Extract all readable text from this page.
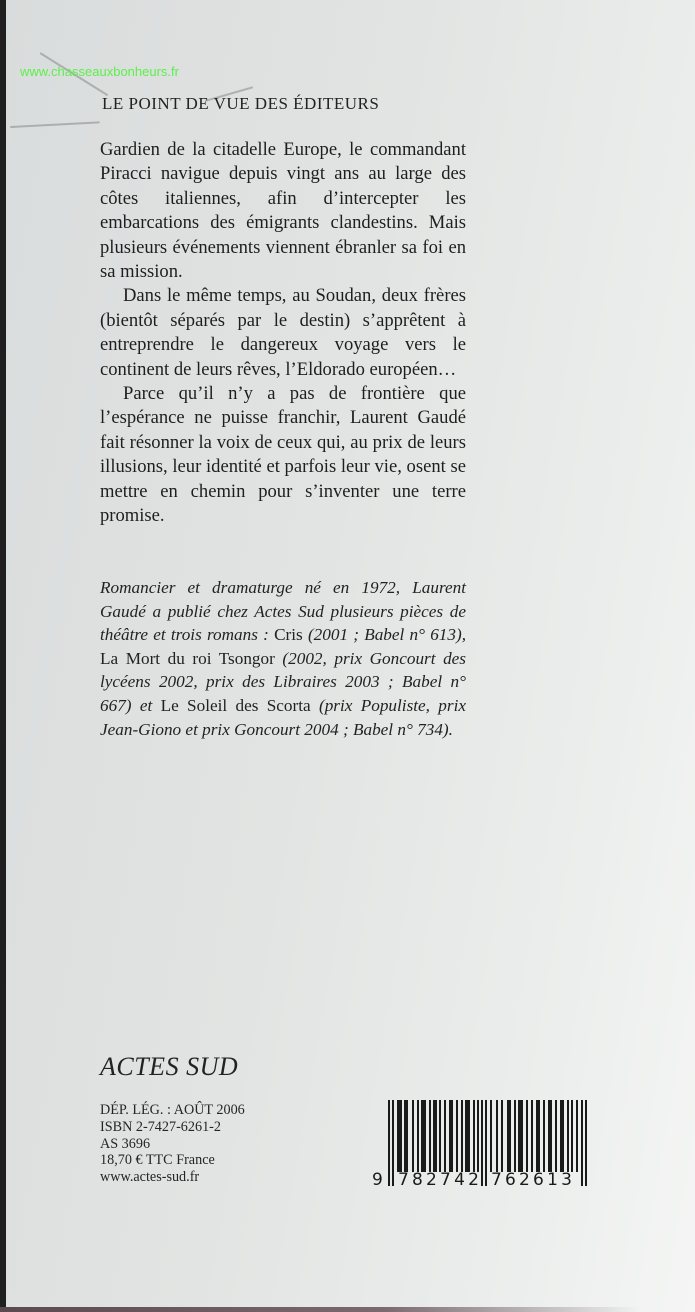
www.chasseauxbonheurs.fr
LE POINT DE VUE DES ÉDITEURS

Gardien de la citadelle Europe, le commandant Piracci navigue depuis vingt ans au large des côtes italiennes, afin d’intercepter les embarcations des émigrants clandestins. Mais plusieurs événements viennent ébranler sa foi en sa mission.

Dans le même temps, au Soudan, deux frères (bientôt séparés par le destin) s’apprêtent à entreprendre le dangereux voyage vers le continent de leurs rêves, l’Eldorado européen…

Parce qu’il n’y a pas de frontière que l’espérance ne puisse franchir, Laurent Gaudé fait résonner la voix de ceux qui, au prix de leurs illusions, leur identité et parfois leur vie, osent se mettre en chemin pour s’inventer une terre promise.

Romancier et dramaturge né en 1972, Laurent Gaudé a publié chez Actes Sud plusieurs pièces de théâtre et trois romans : Cris (2001 ; Babel n° 613), La Mort du roi Tsongor (2002, prix Goncourt des lycéens 2002, prix des Libraires 2003 ; Babel n° 667) et Le Soleil des Scorta (prix Populiste, prix Jean-Giono et prix Goncourt 2004 ; Babel n° 734).
ACTES SUD
DÉP. LÉG. : AOÛT 2006
ISBN 2-7427-6261-2
AS 3696
18,70 € TTC France
www.actes-sud.fr	9 782742 762613
